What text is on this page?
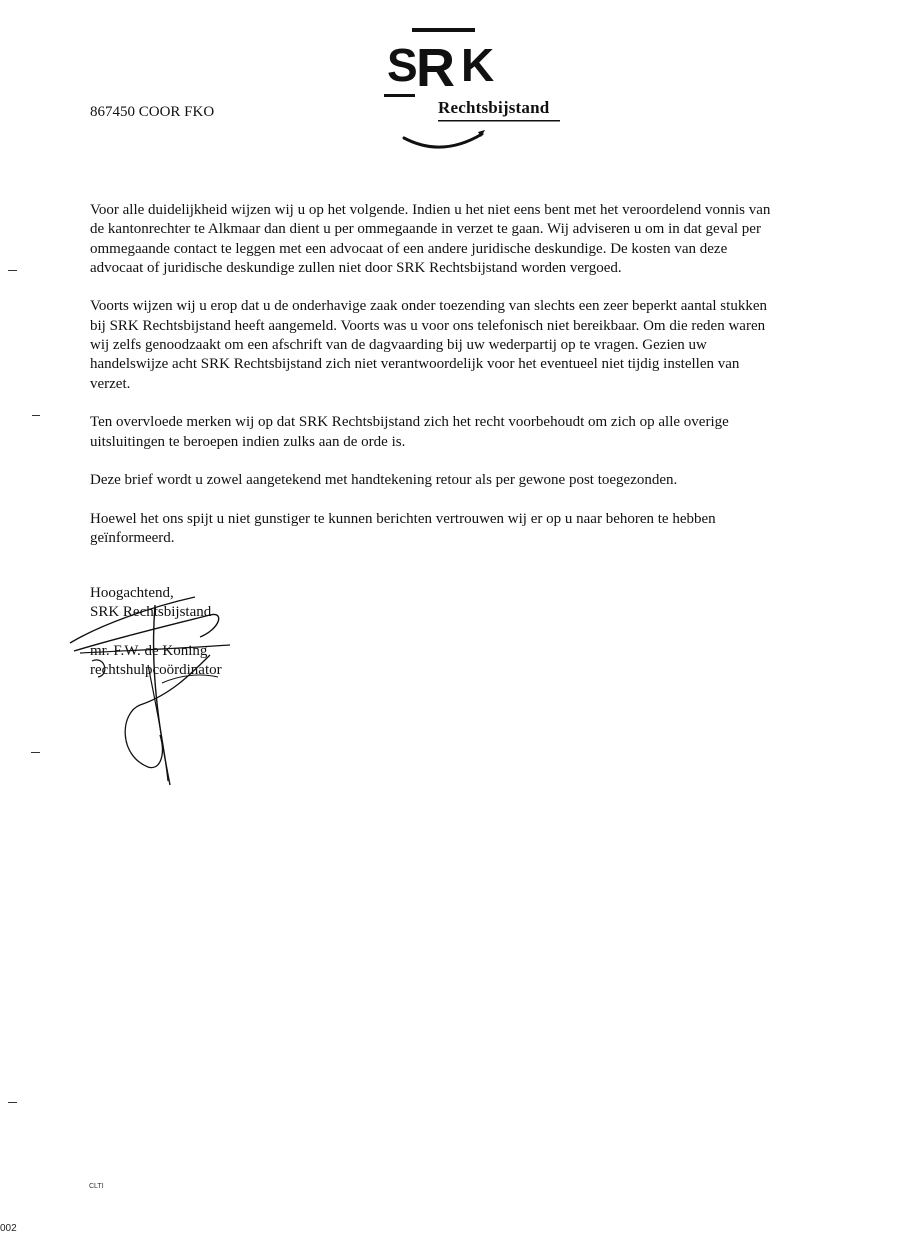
S
R K
Rechtsbijstand
867450 COOR FKO

Voor alle duidelijkheid wijzen wij u op het volgende. Indien u het niet eens bent met het veroordelend vonnis van de kantonrechter te Alkmaar dan dient u per ommegaande in verzet te gaan. Wij adviseren u om in dat geval per ommegaande contact te leggen met een advocaat of een andere juridische deskundige. De kosten van deze advocaat of juridische deskundige zullen niet door SRK Rechtsbijstand worden vergoed.

Voorts wijzen wij u erop dat u de onderhavige zaak onder toezending van slechts een zeer beperkt aantal stukken bij SRK Rechtsbijstand heeft aangemeld. Voorts was u voor ons telefonisch niet bereikbaar. Om die reden waren wij zelfs genoodzaakt om een afschrift van de dagvaarding bij uw wederpartij op te vragen. Gezien uw handelswijze acht SRK Rechtsbijstand zich niet verantwoordelijk voor het eventueel niet tijdig instellen van verzet.

Ten overvloede merken wij op dat SRK Rechtsbijstand zich het recht voorbehoudt om zich op alle overige uitsluitingen te beroepen indien zulks aan de orde is.

Deze brief wordt u zowel aangetekend met handtekening retour als per gewone post toegezonden.

Hoewel het ons spijt u niet gunstiger te kunnen berichten vertrouwen wij er op u naar behoren te hebben geïnformeerd.

Hoogachtend,
SRK Rechtsbijstand
mr. F.W. de Koning
rechtshulpcoördinator
CLTI
002
